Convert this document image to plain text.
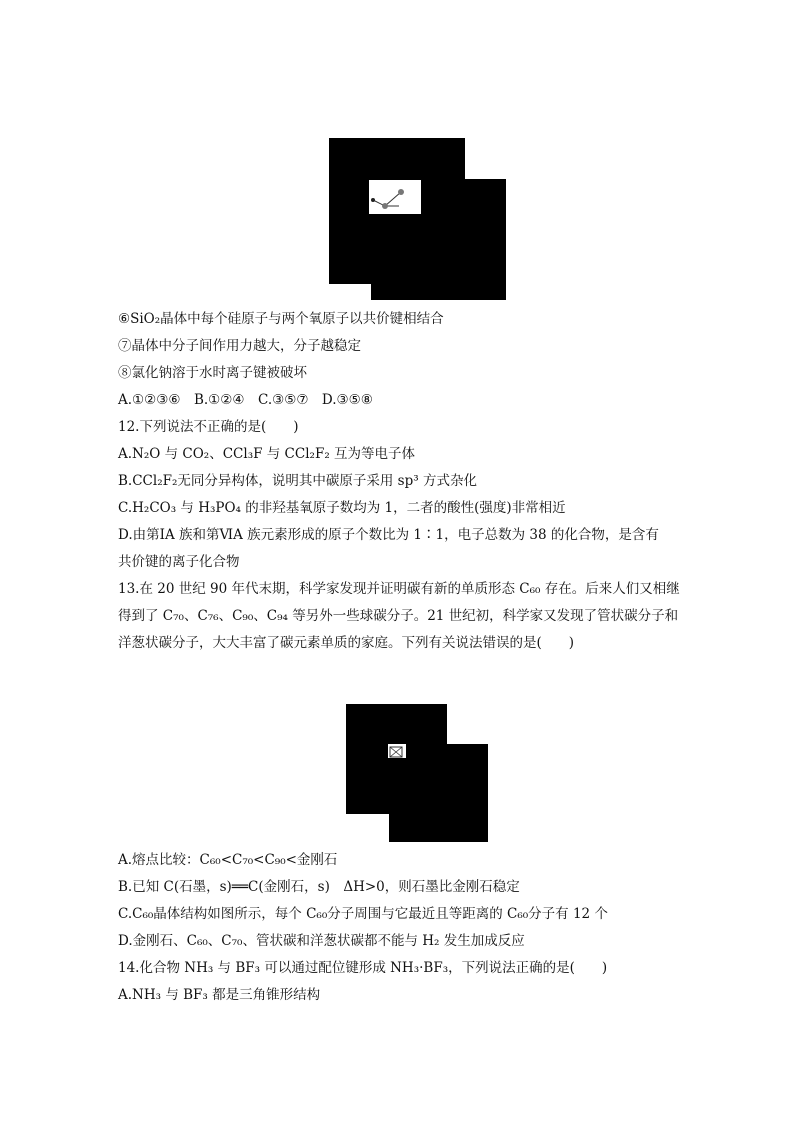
⑥SiO₂晶体中每个硅原子与两个氧原子以共价键相结合
⑦晶体中分子间作用力越大，分子越稳定
⑧氯化钠溶于水时离子键被破坏
A.①②③⑥　B.①②④　C.③⑤⑦　D.③⑤⑧
12.下列说法不正确的是(　　)
A.N₂O 与 CO₂、CCl₃F 与 CCl₂F₂ 互为等电子体
B.CCl₂F₂无同分异构体，说明其中碳原子采用 sp³ 方式杂化
C.H₂CO₃ 与 H₃PO₄ 的非羟基氧原子数均为 1，二者的酸性(强度)非常相近
D.由第ⅠA 族和第ⅥA 族元素形成的原子个数比为 1∶1，电子总数为 38 的化合物，是含有
共价键的离子化合物
13.在 20 世纪 90 年代末期，科学家发现并证明碳有新的单质形态 C₆₀ 存在。后来人们又相继
得到了 C₇₀、C₇₆、C₉₀、C₉₄ 等另外一些球碳分子。21 世纪初，科学家又发现了管状碳分子和
洋葱状碳分子，大大丰富了碳元素单质的家庭。下列有关说法错误的是(　　)
A.熔点比较：C₆₀<C₇₀<C₉₀<金刚石
B.已知 C(石墨，s)══C(金刚石，s)　ΔH>0，则石墨比金刚石稳定
C.C₆₀晶体结构如图所示，每个 C₆₀分子周围与它最近且等距离的 C₆₀分子有 12 个
D.金刚石、C₆₀、C₇₀、管状碳和洋葱状碳都不能与 H₂ 发生加成反应
14.化合物 NH₃ 与 BF₃ 可以通过配位键形成 NH₃·BF₃，下列说法正确的是(　　)
A.NH₃ 与 BF₃ 都是三角锥形结构
